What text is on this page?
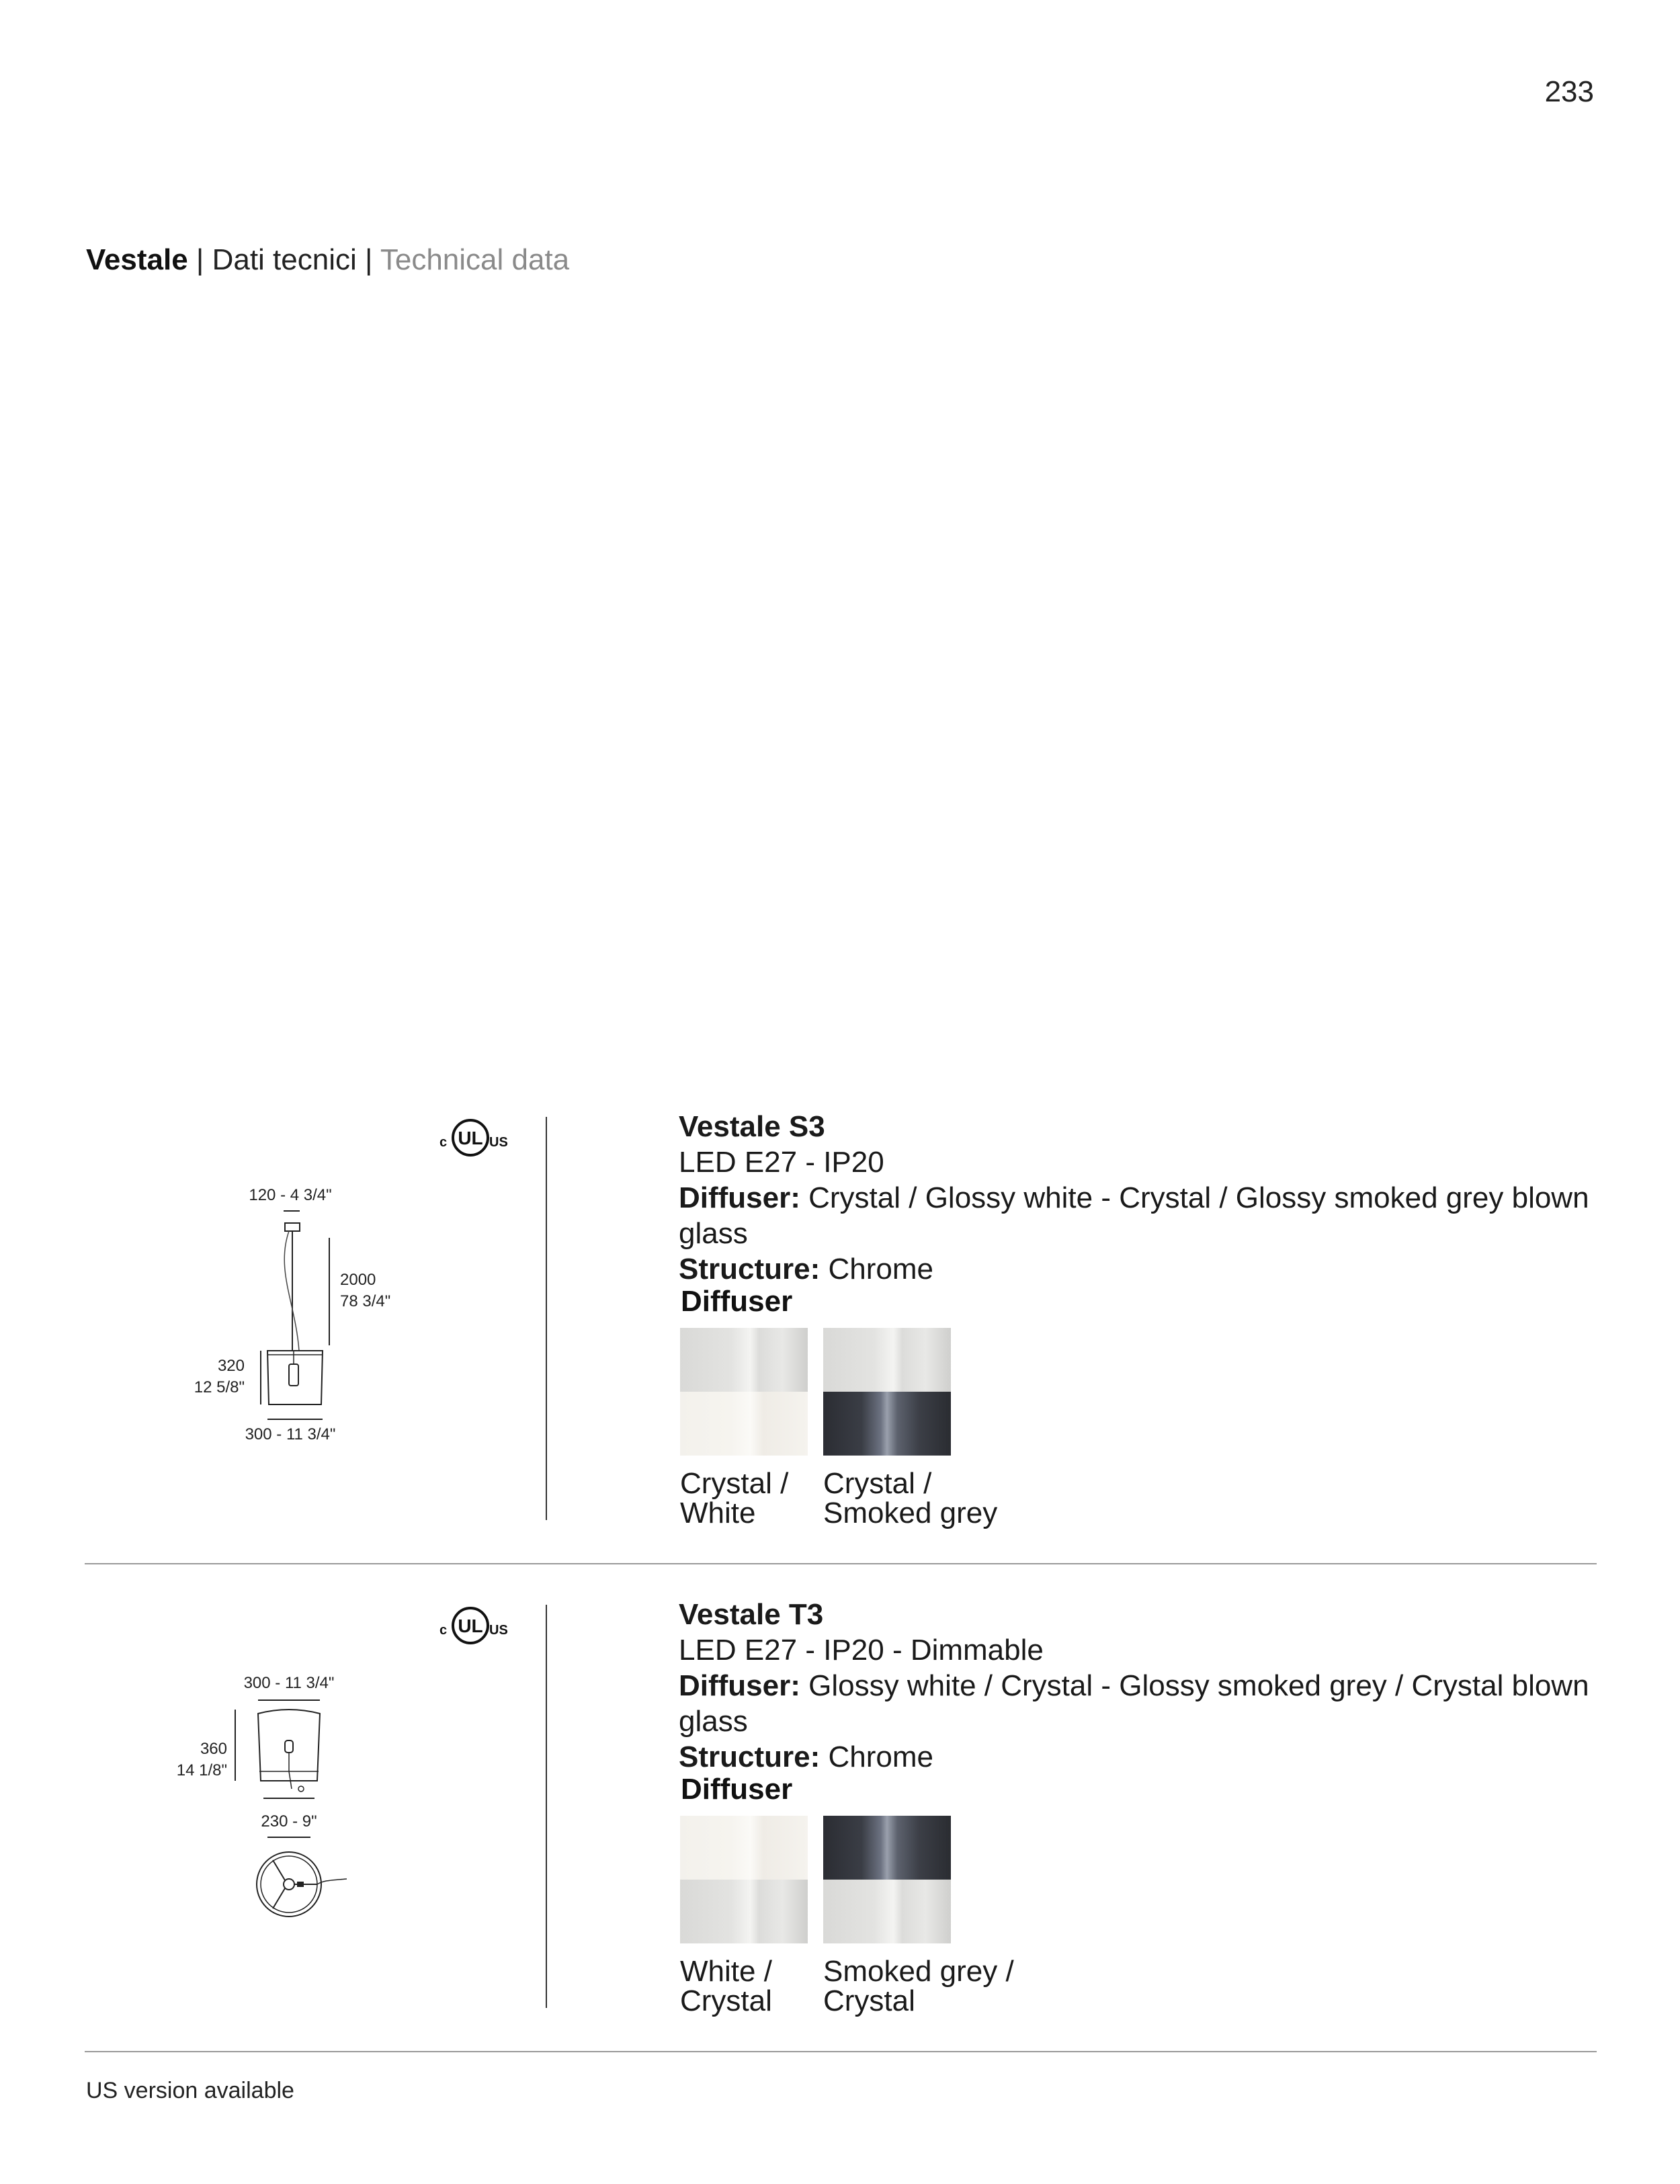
233
Vestale | Dati tecnici | Technical data
UL
c	US
120 - 4 3/4"
2000
78 3/4"
320
12 5/8"
300 - 11 3/4"
Vestale S3
LED E27 - IP20
Diffuser: Crystal / Glossy white - Crystal / Glossy smoked grey blown glass
Structure: Chrome
Diffuser
Crystal /
White
Crystal /
Smoked grey
UL
c	US
300 - 11 3/4"
360
14 1/8"
230 - 9"
Vestale T3
LED E27 - IP20 - Dimmable
Diffuser: Glossy white / Crystal - Glossy smoked grey / Crystal blown glass
Structure: Chrome
Diffuser
White /
Crystal
Smoked grey /
Crystal
US version available
